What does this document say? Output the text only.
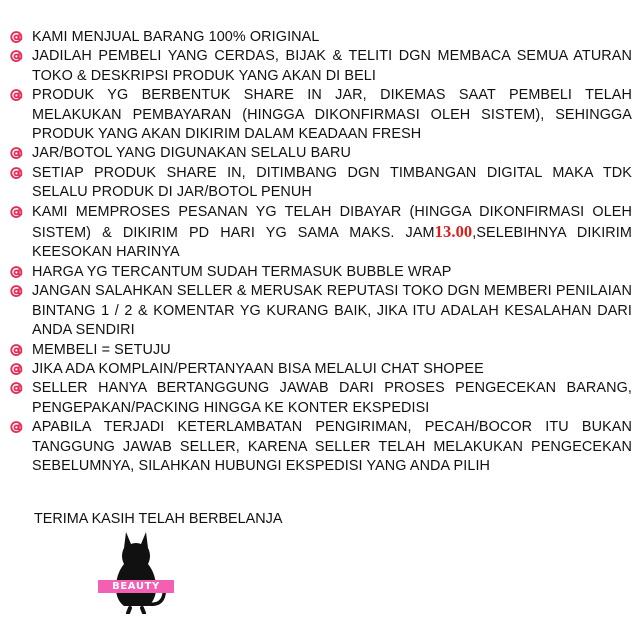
KAMI MENJUAL BARANG 100% ORIGINAL
JADILAH PEMBELI YANG CERDAS, BIJAK & TELITI DGN MEMBACA SEMUA ATURAN TOKO & DESKRIPSI PRODUK YANG AKAN DI BELI
PRODUK YG BERBENTUK SHARE IN JAR, DIKEMAS SAAT PEMBELI TELAH MELAKUKAN PEMBAYARAN (HINGGA DIKONFIRMASI OLEH SISTEM), SEHINGGA PRODUK YANG AKAN DIKIRIM DALAM KEADAAN FRESH
JAR/BOTOL YANG DIGUNAKAN SELALU BARU
SETIAP PRODUK SHARE IN, DITIMBANG DGN TIMBANGAN DIGITAL MAKA TDK SELALU PRODUK DI JAR/BOTOL PENUH
KAMI MEMPROSES PESANAN YG TELAH DIBAYAR (HINGGA DIKONFIRMASI OLEH SISTEM) & DIKIRIM PD HARI YG SAMA MAKS. JAM13.00,SELEBIHNYA DIKIRIM KEESOKAN HARINYA
HARGA YG TERCANTUM SUDAH TERMASUK BUBBLE WRAP
JANGAN SALAHKAN SELLER & MERUSAK REPUTASI TOKO DGN MEMBERI PENILAIAN BINTANG 1 / 2 & KOMENTAR YG KURANG BAIK, JIKA ITU ADALAH KESALAHAN DARI ANDA SENDIRI
MEMBELI = SETUJU
JIKA ADA KOMPLAIN/PERTANYAAN BISA MELALUI CHAT SHOPEE
SELLER HANYA BERTANGGUNG JAWAB DARI PROSES PENGECEKAN BARANG, PENGEPAKAN/PACKING HINGGA KE KONTER EKSPEDISI
APABILA TERJADI KETERLAMBATAN PENGIRIMAN, PECAH/BOCOR ITU BUKAN TANGGUNG JAWAB SELLER, KARENA SELLER TELAH MELAKUKAN PENGECEKAN SEBELUMNYA, SILAHKAN HUBUNGI EKSPEDISI YANG ANDA PILIH
TERIMA KASIH TELAH BERBELANJA
BEAUTY
